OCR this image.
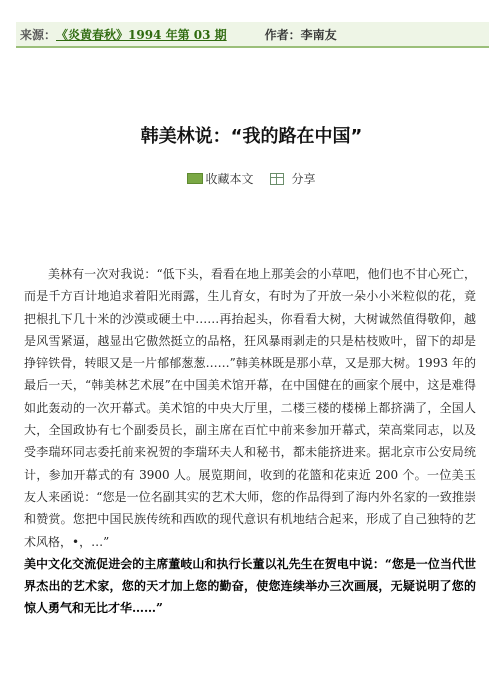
来源： 《炎黄春秋》1994 年第 03 期	作者： 李南友
韩美林说：“我的路在中国”
收藏本文	分享

美林有一次对我说：“低下头，看看在地上那美会的小草吧，他们也不甘心死亡，而是千方百计地追求着阳光雨露，生儿育女，有时为了开放一朵小小米粒似的花，竟把根扎下几十米的沙漠或硬土中……再抬起头，你看看大树，大树诚然值得敬仰，越是风雪紧逼，越显出它傲然挺立的品格，狂风暴雨剥走的只是枯枝败叶，留下的却是挣锌铁骨，转眼又是一片郁郁葱葱……”韩美林既是那小草，又是那大树。1993 年的最后一天，“韩美林艺术展”在中国美术馆开幕，在中国健在的画家个展中，这是难得如此轰动的一次开幕式。美术馆的中央大厅里，二楼三楼的楼梯上都挤满了，全国人大，全国政协有七个副委员长，副主席在百忙中前来参加开幕式，荣高棠同志，以及受李瑞环同志委托前来祝贺的李瑞环夫人和秘书，都未能挤进来。据北京市公安局统计，参加开幕式的有 3900 人。展览期间，收到的花篮和花束近 200 个。一位美玉友人来函说：“您是一位名副其实的艺术大师，您的作品得到了海内外名家的一致推崇和赞赏。您把中国民族传统和西欧的现代意识有机地结合起来，形成了自己独特的艺术风格，•，…”

美中文化交流促进会的主席董岐山和执行长董以礼先生在贺电中说：“您是一位当代世界杰出的艺术家，您的天才加上您的勤奋，使您连续举办三次画展，无疑说明了您的惊人勇气和无比才华……”
